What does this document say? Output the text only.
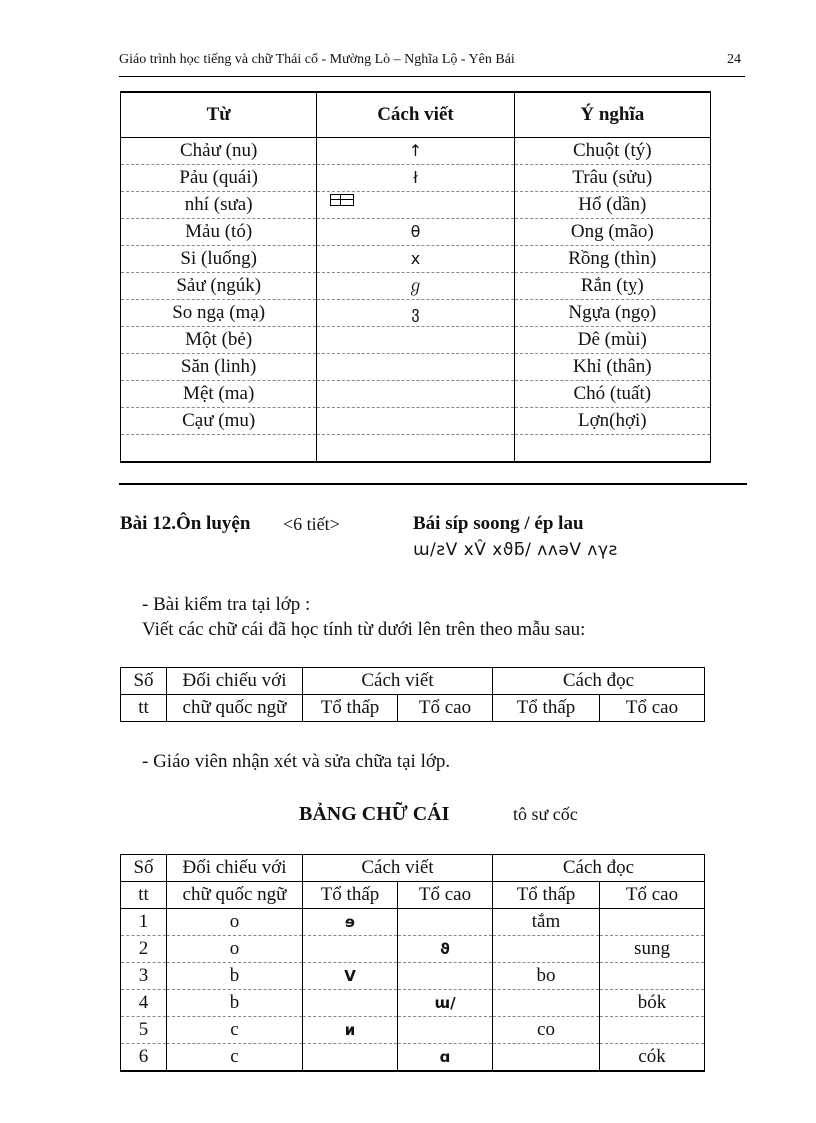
Giáo trình học tiếng và chữ Thái cổ - Mường Lò – Nghĩa Lộ - Yên Bái	24
Từ	Cách viết	Ý nghĩa
Chảư (nu)	↑	Chuột (tý)
Pảu (quái)	ł	Trâu (sửu)
nhí (sưa)		Hổ (dần)
Mảu (tó)	θ	Ong (mão)
Si (luống)	x	Rồng (thìn)
Sảư (ngúk)	ℊ	Rắn (tỵ)
So ngạ (mạ)	ვ	Ngựa (ngọ)
Một (bẻ)		Dê (mùi)
Săn (linh)		Khỉ (thân)
Mệt (ma)		Chó (tuất)
Cạư (mu)		Lợn(hợi)

Bài 12.Ôn luyện <6 tiết>	Bái síp soong / ép lau
ɯ/ƨV xV̂ xϑƃ/ ʌʌəV ʌγƨ
- Bài kiểm tra tại lớp :
Viết các chữ cái đã học tính từ dưới lên trên theo mẫu sau:
Số	Đối chiếu với	Cách viết		Cách đọc	
tt	chữ quốc ngữ	Tổ thấp	Tổ cao	Tổ thấp	Tổ cao
- Giáo viên nhận xét và sửa chữa tại lớp.
BẢNG CHỮ CÁI	tô sư cốc
Số	Đối chiếu với	Cách viết		Cách đọc	
tt	chữ quốc ngữ	Tổ thấp	Tổ cao	Tổ thấp	Tổ cao
1	o	ɘ		tắm	
2	o		ϑ		sung
3	b	V		bo	
4	b		ɯ/		bók
5	c	ᴎ		co	
6	c		ɑ		cók
